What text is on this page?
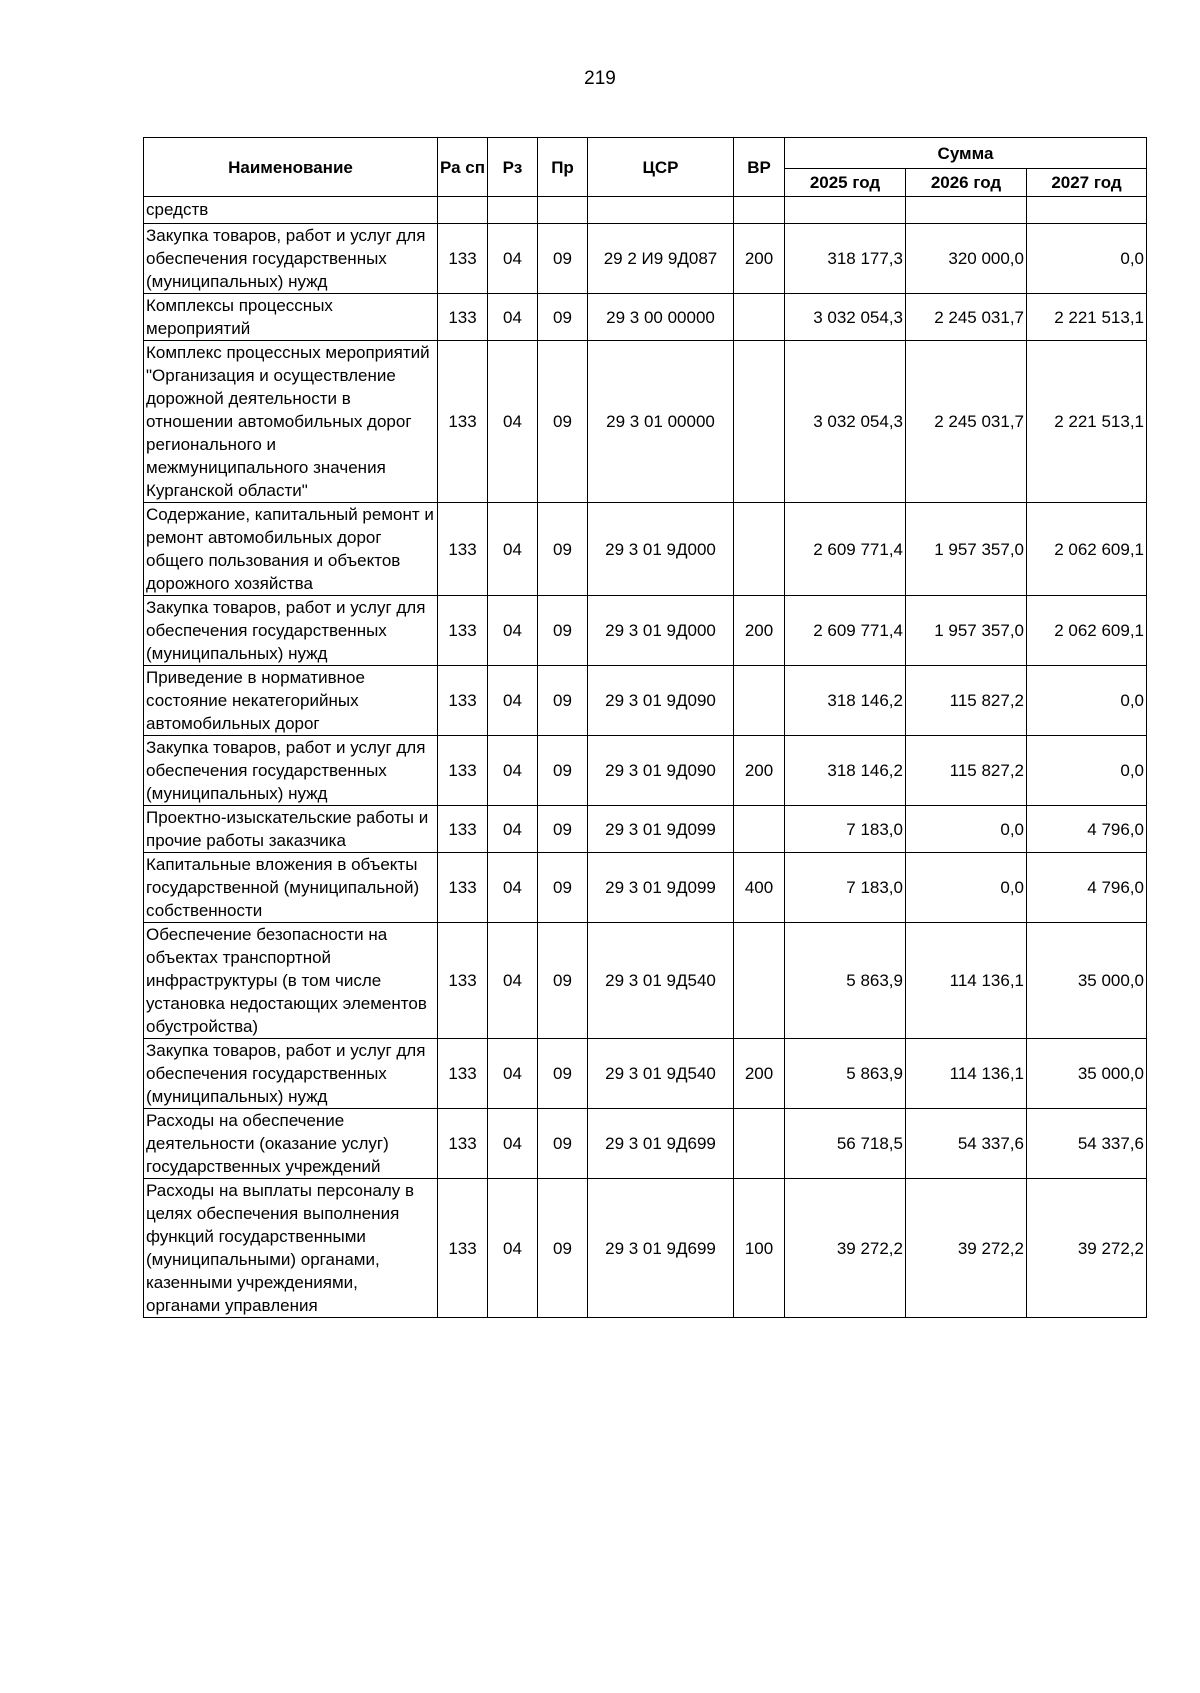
219
Наименование	Ра сп	Рз	Пр	ЦСР	ВР	Сумма		
						2025 год	2026 год	2027 год
средств								
Закупка товаров, работ и услуг для обеспечения государственных (муниципальных) нужд	133	04	09	29 2 И9 9Д087	200	318 177,3	320 000,0	0,0
Комплексы процессных мероприятий	133	04	09	29 3 00 00000		3 032 054,3	2 245 031,7	2 221 513,1
Комплекс процессных мероприятий "Организация и осуществление дорожной деятельности в отношении автомобильных дорог регионального и межмуниципального значения Курганской области"	133	04	09	29 3 01 00000		3 032 054,3	2 245 031,7	2 221 513,1
Содержание, капитальный ремонт и ремонт автомобильных дорог общего пользования и объектов дорожного хозяйства	133	04	09	29 3 01 9Д000		2 609 771,4	1 957 357,0	2 062 609,1
Закупка товаров, работ и услуг для обеспечения государственных (муниципальных) нужд	133	04	09	29 3 01 9Д000	200	2 609 771,4	1 957 357,0	2 062 609,1
Приведение в нормативное состояние некатегорийных автомобильных дорог	133	04	09	29 3 01 9Д090		318 146,2	115 827,2	0,0
Закупка товаров, работ и услуг для обеспечения государственных (муниципальных) нужд	133	04	09	29 3 01 9Д090	200	318 146,2	115 827,2	0,0
Проектно-изыскательские работы и прочие работы заказчика	133	04	09	29 3 01 9Д099		7 183,0	0,0	4 796,0
Капитальные вложения в объекты государственной (муниципальной) собственности	133	04	09	29 3 01 9Д099	400	7 183,0	0,0	4 796,0
Обеспечение безопасности на объектах транспортной инфраструктуры (в том числе установка недостающих элементов обустройства)	133	04	09	29 3 01 9Д540		5 863,9	114 136,1	35 000,0
Закупка товаров, работ и услуг для обеспечения государственных (муниципальных) нужд	133	04	09	29 3 01 9Д540	200	5 863,9	114 136,1	35 000,0
Расходы на обеспечение деятельности (оказание услуг) государственных учреждений	133	04	09	29 3 01 9Д699		56 718,5	54 337,6	54 337,6
Расходы на выплаты персоналу в целях обеспечения выполнения функций государственными (муниципальными) органами, казенными учреждениями, органами управления	133	04	09	29 3 01 9Д699	100	39 272,2	39 272,2	39 272,2
